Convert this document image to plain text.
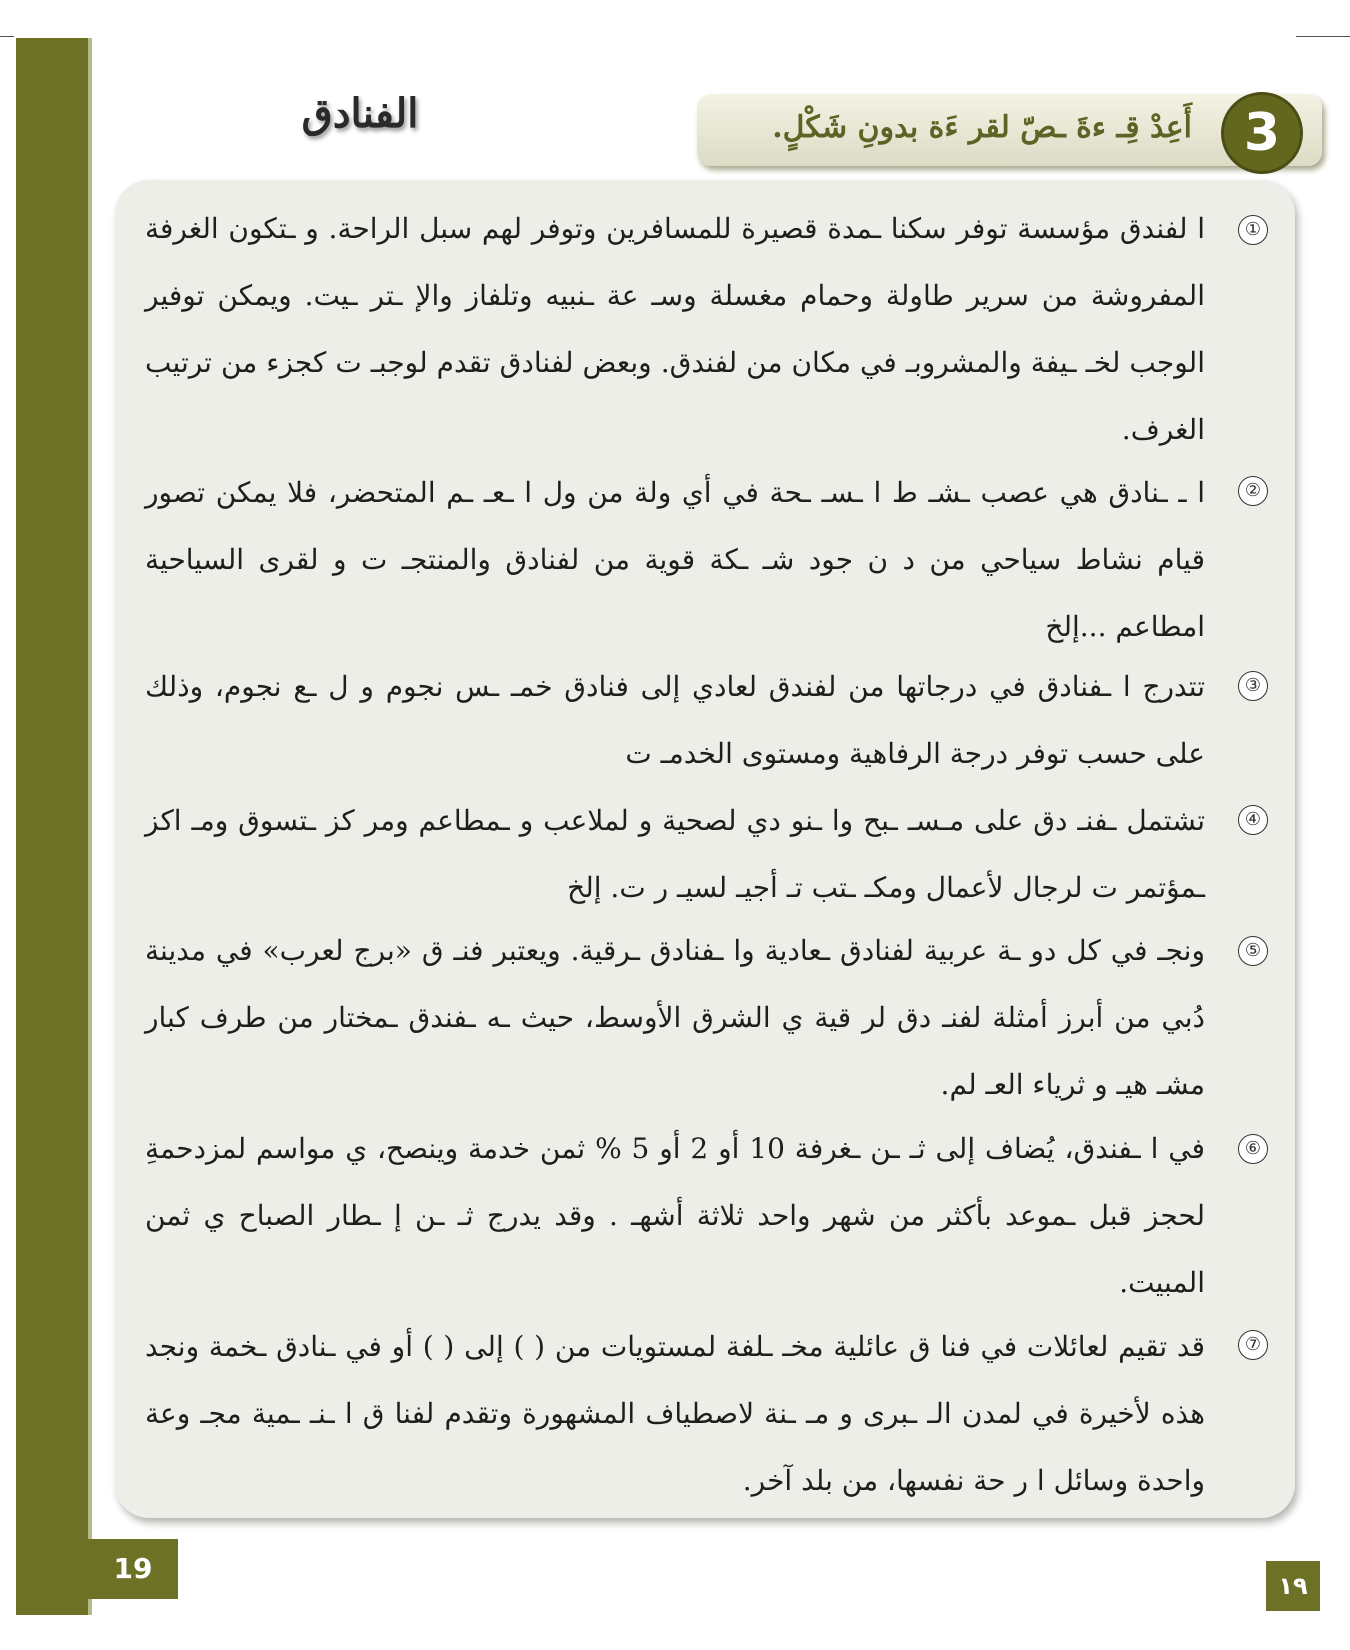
الفنادق	أَعِدْ قِـ ءةَ ـصّ لقر ءَة بدونِ شَكْلٍ. 3
①
ا لفندق مؤسسة توفر سكنا ـمدة قصيرة للمسافرين وتوفر لهم سبل الراحة. و ـتكون الغرفة المفروشة من سرير طاولة وحمام مغسلة وسـ عة ـنبيه وتلفاز والإ ـتر ـيت. ويمكن توفير الوجب لخـ ـيفة والمشروبـ في مكان من لفندق. وبعض لفنادق تقدم لوجبـ ت كجزء من ترتيب الغرف.
②
ا ـ ـنادق هي عصب ـشـ ط ا ـسـ ـحة في أي ولة من ول ا ـعـ ـم المتحضر، فلا يمكن تصور قيام نشاط سياحي من د ن جود شـ ـكة قوية من لفنادق والمنتجـ ت و لقرى السياحية امطاعم ...إلخ
③
تتدرج ا ـفنادق في درجاتها من لفندق لعادي إلى فنادق خمـ ـس نجوم و ل ـع نجوم، وذلك على حسب توفر درجة الرفاهية ومستوى الخدمـ ت
④
تشتمل ـفنـ دق على مـسـ ـبح وا ـنو دي لصحية و لملاعب و ـمطاعم ومر كز ـتسوق ومـ اكز ـمؤتمر ت لرجال لأعمال ومكـ ـتب تـ أجيـ لسيـ ر ت. إلخ
⑤
ونجـ في كل دو ـة عربية لفنادق ـعادية وا ـفنادق ـرقية. ويعتبر فنـ ق «برج لعرب» في مدينة دُبي من أبرز أمثلة لفنـ دق لر قية ي الشرق الأوسط، حيث ـه ـفندق ـمختار من طرف كبار مشـ هيـ و ثرياء العـ لم.
⑥
في ا ـفندق، يُضاف إلى ثـ ـن ـغرفة 10 أو 2 أو 5 % ثمن خدمة وينصح، ي مواسم لمزدحمةِ لحجز قبل ـموعد بأكثر من شهر واحد ثلاثة أشهـ . وقد يدرج ثـ ـن إ ـطار الصباح ي ثمن المبيت.
⑦
قد تقيم لعائلات في فنا ق عائلية مخـ ـلفة لمستويات من ( ) إلى ( ) أو في ـنادق ـخمة ونجد هذه لأخيرة في لمدن الـ ـبرى و مـ ـنة لاصطياف المشهورة وتقدم لفنا ق ا ـنـ ـمية مجـ وعة واحدة وسائل ا ر حة نفسها، من بلد آخر.
19
١٩
